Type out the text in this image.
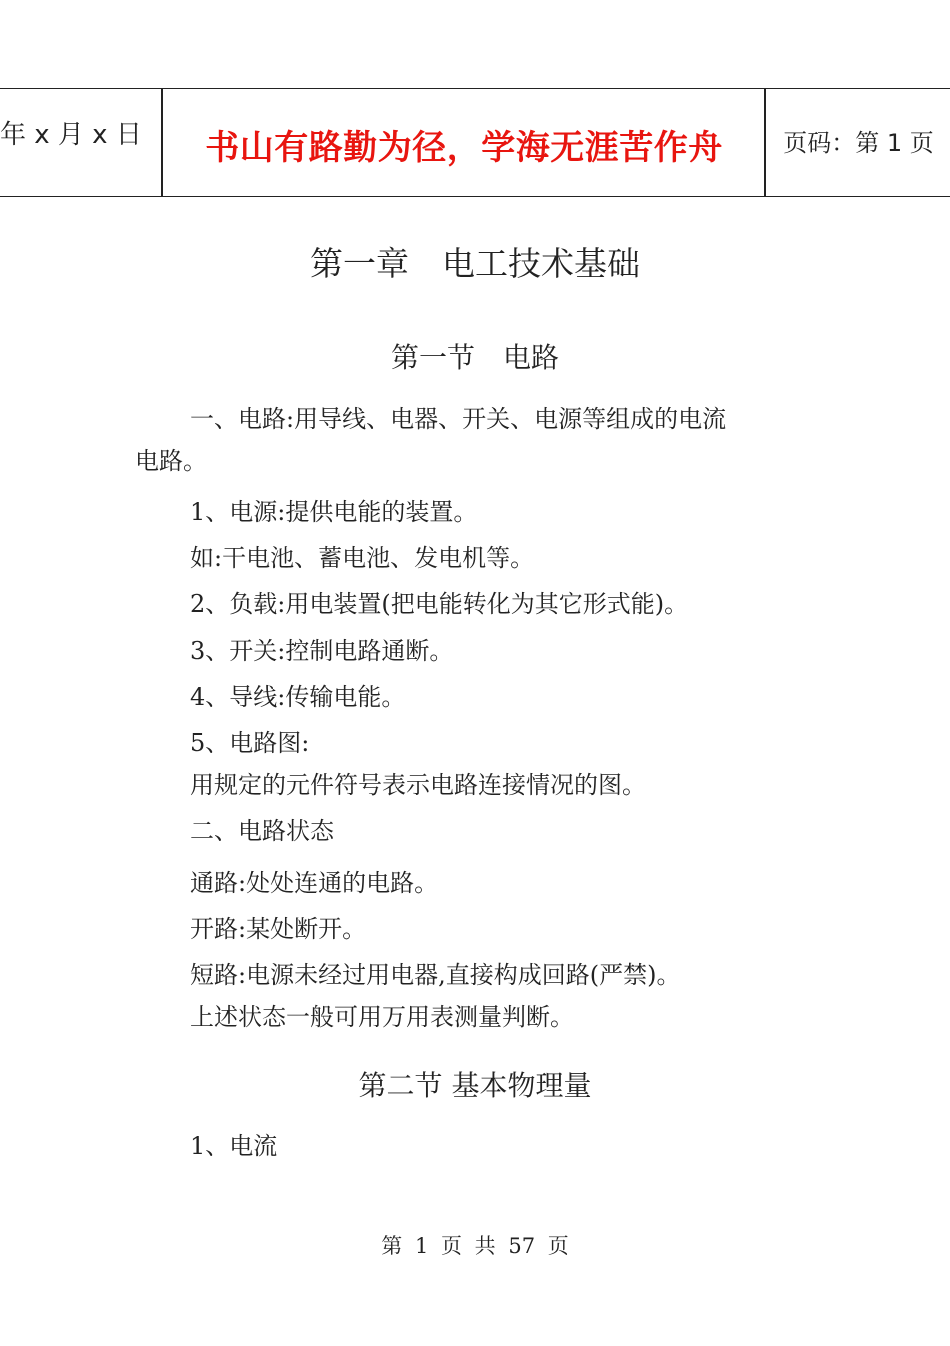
年 x 月 x 日 书山有路勤为径，学海无涯苦作舟	页码：第 1 页
第一章　电工技术基础
第一节　电路
一、电路:用导线、电器、开关、电源等组成的电流
电路。
1、电源:提供电能的装置。
如:干电池、蓄电池、发电机等。
2、负载:用电装置(把电能转化为其它形式能)。
3、开关:控制电路通断。
4、导线:传输电能。
5、电路图:
用规定的元件符号表示电路连接情况的图。
二、电路状态
通路:处处连通的电路。
开路:某处断开。
短路:电源未经过用电器,直接构成回路(严禁)。
上述状态一般可用万用表测量判断。
第二节 基本物理量
1、电流
第 1 页 共 57 页
